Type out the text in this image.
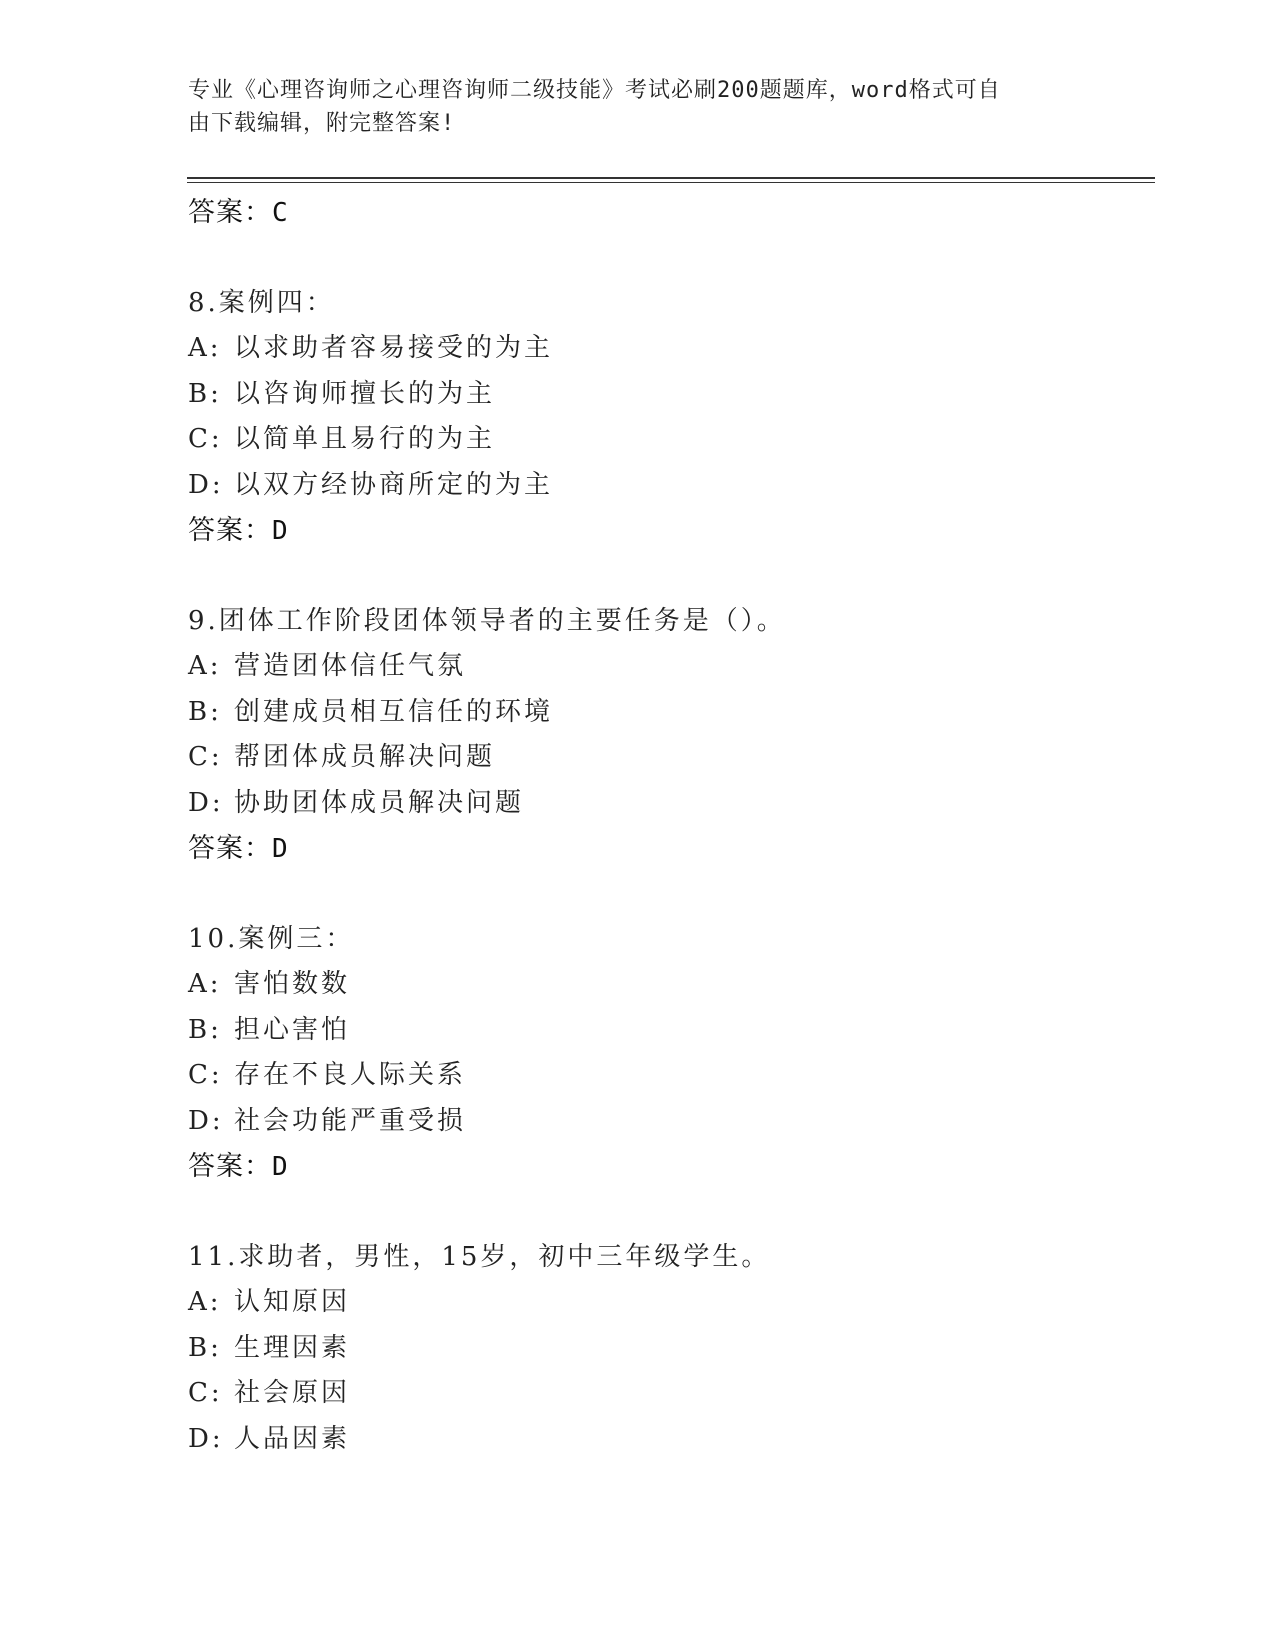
专业《心理咨询师之心理咨询师二级技能》考试必刷200题题库，word格式可自
由下载编辑，附完整答案!
答案：C
8.案例四：
A: 以求助者容易接受的为主
B: 以咨询师擅长的为主
C: 以简单且易行的为主
D: 以双方经协商所定的为主
答案：D
9.团体工作阶段团体领导者的主要任务是（）。
A: 营造团体信任气氛
B: 创建成员相互信任的环境
C: 帮团体成员解决问题
D: 协助团体成员解决问题
答案：D
10.案例三：
A: 害怕数数
B: 担心害怕
C: 存在不良人际关系
D: 社会功能严重受损
答案：D
11.求助者，男性，15岁，初中三年级学生。
A: 认知原因
B: 生理因素
C: 社会原因
D: 人品因素
